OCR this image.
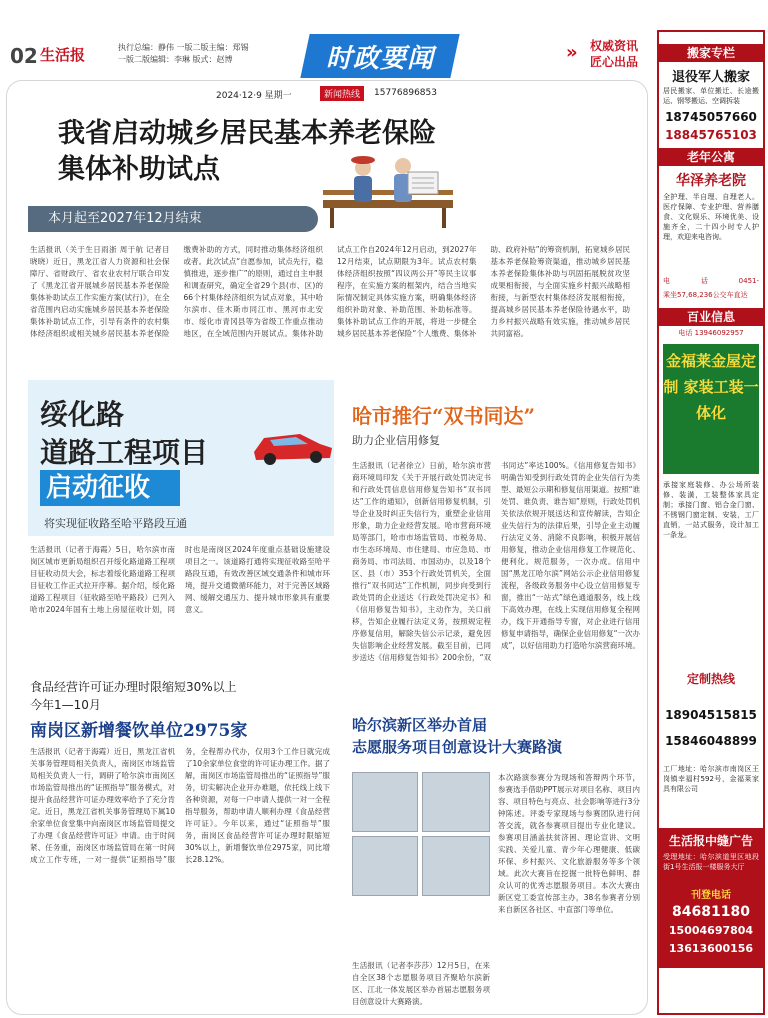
02 生活报	执行总编：静伟 一版二版主编：郑锡
一版二版编辑：李琳 版式：赵博	时政要闻	» 权威资讯
匠心出品
2024·12·9 星期一	新闻热线	15776896853
我省启动城乡居民基本养老保险
集体补助试点
本月起至2027年12月结束
生活报讯（关于生日雨浙 周于航 记者目晓晓）近日，黑龙江省人力资源和社会保障厅、省财政厅、省农业农村厅联合印发了《黑龙江省开展城乡居民基本养老保险集体补助试点工作实施方案(试行)》，在全省范围内启动实施城乡居民基本养老保险集体补助试点工作，引导有条件的农村集体经济组织或相关城乡居民基本养老保险缴费补助的方式，同时推动集体经济组织或者。此次试点“自愿参加，试点先行，稳慎推进，逐步推广”的原则，通过自主申报和调查研究，确定全省29个县(市、区)的66个村集体经济组织为试点对象，其中哈尔滨市、佳木斯市同江市、黑河市北安市、绥化市青冈县等为省级工作重点推动地区，在全域范围内开展试点。集体补助试点工作自2024年12月启动，到2027年12月结束，试点期限为3年。试点农村集体经济组织按照“四议两公开”等民主议事程序，在实施方案的框架内，结合当地实际情况制定具体实施方案，明确集体经济组织补助对象、补助范围、补助标准等。集体补助试点工作的开展，将进一步健全城乡居民基本养老保险“个人缴费、集体补助、政府补贴”的筹资机制，拓宽城乡居民基本养老保险筹资渠道，推动城乡居民基本养老保险集体补助与巩固拓展脱贫攻坚成果相衔接，与全面实施乡村振兴战略相衔接，与新型农村集体经济发展相衔接，提高城乡居民基本养老保险待遇水平，助力乡村振兴战略有效实施，推动城乡居民共同富裕。
绥化路
道路工程项目
启动征收
将实现征收路至哈平路段互通
生活报讯（记者于海霞）5日，哈尔滨市南岗区城市更新局组织召开绥化路道路工程项目征收动员大会，标志着绥化路道路工程项目征收工作正式拉开序幕。据介绍，绥化路道路工程项目（征收路至哈平路段）已列入哈市2024年国有土地上房屋征收计划，同时也是南岗区2024年度重点基础设施建设项目之一。该道路打通将实现征收路至哈平路段互通，有效改善区域交通条件和城市环境，提升交通微循环能力，对于完善区域路网、缓解交通压力、提升城市形象具有重要意义。
哈市推行“双书同达”
助力企业信用修复
生活报讯（记者徐立）日前，哈尔滨市营商环境局印发《关于开展行政处罚决定书和行政处罚信息信用修复告知书“双书同达”工作的通知》，创新信用修复机制，引导企业及时纠正失信行为，重塑企业信用形象，助力企业经营发展。哈市营商环境局等部门，哈市市场监管局、市税务局、市生态环境局、市住建局、市应急局、市商务局、市司法局、市国动办，以及18个区、县（市）353个行政处罚机关，全面推行“双书同达”工作机制，同步向受到行政处罚的企业送达《行政处罚决定书》和《信用修复告知书》，主动作为，关口前移，告知企业履行法定义务，按照规定程序修复信用，解除失信公示记录，避免因失信影响企业经营发展。截至目前，已同步送达《信用修复告知书》200余份，“双书同达”率达100%。《信用修复告知书》明确告知受到行政处罚的企业失信行为类型、最短公示期和修复信用渠道。按照“谁处罚、谁负责、谁告知”原则，行政处罚机关依法依规开展送达和宣传解读，告知企业失信行为的法律后果，引导企业主动履行法定义务、消除不良影响，积极开展信用修复，推动企业信用修复工作规范化、便利化。规范服务，一次办成。信用中国“黑龙江哈尔滨”网站公示企业信用修复流程，各级政务服务中心设立信用修复专窗，推出“一站式”绿色通道服务，线上线下高效办理，在线上实现信用修复全程网办，线下开通指导专窗，对企业进行信用修复申请指导，确保企业信用修复“一次办成”，以好信用助力打造哈尔滨营商环境。
食品经营许可证办理时限缩短30%以上
今年1—10月
南岗区新增餐饮单位2975家
生活报讯（记者于海霞）近日，黑龙江省机关事务管理局相关负责人，南岗区市场监管局相关负责人一行，调研了哈尔滨市南岗区市场监管局推出的“证照指导”服务模式，对提升食品经营许可证办理效率给予了充分肯定。近日，黑龙江省机关事务管理局下属10余家单位食堂集中向南岗区市场监管局提交了办理《食品经营许可证》申请。由于时间紧、任务重，南岗区市场监管局在第一时间成立工作专班，一对一提供“证照指导”服务，全程帮办代办，仅用3个工作日就完成了10余家单位食堂的许可证办理工作。据了解，南岗区市场监管局推出的“证照指导”服务，切实解决企业开办难题，依托线上线下各种资源，对每一户申请人提供一对一全程指导服务，帮助申请人顺利办理《食品经营许可证》。今年以来，通过“证照指导”服务，南岗区食品经营许可证办理时限缩短30%以上，新增餐饮单位2975家，同比增长28.12%。
哈尔滨新区举办首届
志愿服务项目创意设计大赛路演
生活报讯（记者李莎莎）12月5日，在来自全区38个志愿服务项目齐聚哈尔滨新区、江北一体发展区举办首届志愿服务项目创意设计大赛路演。
本次路演参赛分为现场和答辩两个环节，参赛选手借助PPT展示对项目名称、项目内容、项目特色与亮点、社会影响等进行3分钟陈述。评委专家现场与参赛团队进行问答交流，就各参赛项目提出专业化建议。参赛项目涵盖扶贫济困、理论宣讲、文明实践、关爱儿童、青少年心理健康、低碳环保、乡村振兴、文化旅游服务等多个领域。此次大赛旨在挖掘一批特色鲜明、群众认可的优秀志愿服务项目。本次大赛由新区党工委宣传部主办，38名参赛者分别来自新区各社区、中直部门等单位。
搬家专栏
退役军人搬家
居民搬家、单位搬迁、长途搬运、钢琴搬运、空调拆装
18745057660
18845765103
老年公寓
华泽养老院
全护理、半自理、自理老人。医疗保障、专业护理、营养膳食、文化娱乐、环境优美、设施齐全，二十四小时专人护理，欢迎来电咨询。
电话0451-
乘坐57,68,236公交车直达
百业信息
电话 13946092957
金福莱金屋定制 家装工装一体化
承接家庭装修、办公场所装修、装潢，工装整体家具定制；承接门窗、铝合金门窗、不锈钢门窗定制、安装，工厂直销，一站式服务，设计加工一条龙。
定制热线
18904515815
15846048899
工厂地址：哈尔滨市南岗区王岗镇幸福村592号，金福莱家具有限公司
生活报中缝广告
受理地址：哈尔滨道里区地段街1号生活报一楼服务大厅
刊登电话
84681180
15004697804
13613600156
